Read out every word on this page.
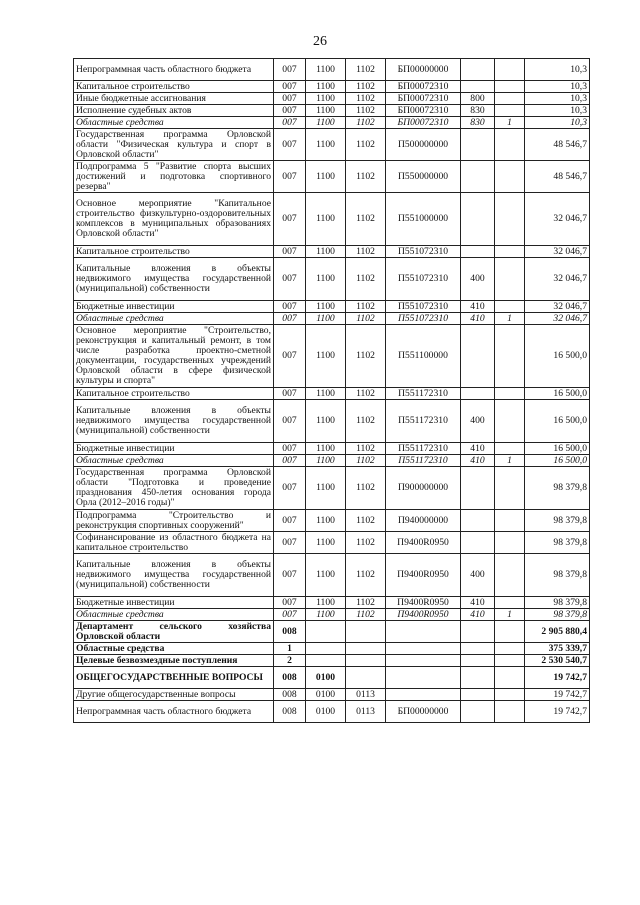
26
Непрограммная часть областного бюджета	007	1100	1102	БП00000000			10,3
Капитальное строительство	007	1100	1102	БП00072310			10,3
Иные бюджетные ассигнования	007	1100	1102	БП00072310	800		10,3
Исполнение судебных актов	007	1100	1102	БП00072310	830		10,3
Областные средства	007	1100	1102	БП00072310	830	1	10,3
Государственная программа Орловской области "Физическая культура и спорт в Орловской области"	007	1100	1102	П500000000			48 546,7
Подпрограмма 5 "Развитие спорта высших достижений и подготовка спортивного резерва"	007	1100	1102	П550000000			48 546,7
Основное мероприятие "Капитальное строительство физкультурно-оздоровительных комплексов в муниципальных образованиях Орловской области"	007	1100	1102	П551000000			32 046,7
Капитальное строительство	007	1100	1102	П551072310			32 046,7
Капитальные вложения в объекты недвижимого имущества государственной (муниципальной) собственности	007	1100	1102	П551072310	400		32 046,7
Бюджетные инвестиции	007	1100	1102	П551072310	410		32 046,7
Областные средства	007	1100	1102	П551072310	410	1	32 046,7
Основное мероприятие "Строительство, реконструкция и капитальный ремонт, в том числе разработка проектно-сметной документации, государственных учреждений Орловской области в сфере физической культуры и спорта"	007	1100	1102	П551100000			16 500,0
Капитальное строительство	007	1100	1102	П551172310			16 500,0
Капитальные вложения в объекты недвижимого имущества государственной (муниципальной) собственности	007	1100	1102	П551172310	400		16 500,0
Бюджетные инвестиции	007	1100	1102	П551172310	410		16 500,0
Областные средства	007	1100	1102	П551172310	410	1	16 500,0
Государственная программа Орловской области "Подготовка и проведение празднования 450-летия основания города Орла (2012–2016 годы)"	007	1100	1102	П900000000			98 379,8
Подпрограмма "Строительство и реконструкция спортивных сооружений"	007	1100	1102	П940000000			98 379,8
Софинансирование из областного бюджета на капитальное строительство	007	1100	1102	П9400R0950			98 379,8
Капитальные вложения в объекты недвижимого имущества государственной (муниципальной) собственности	007	1100	1102	П9400R0950	400		98 379,8
Бюджетные инвестиции	007	1100	1102	П9400R0950	410		98 379,8
Областные средства	007	1100	1102	П9400R0950	410	1	98 379,8
Департамент сельского хозяйства Орловской области	008						2 905 880,4
Областные средства	1						375 339,7
Целевые безвозмездные поступления	2						2 530 540,7
ОБЩЕГОСУДАРСТВЕННЫЕ ВОПРОСЫ	008	0100					19 742,7
Другие общегосударственные вопросы	008	0100	0113				19 742,7
Непрограммная часть областного бюджета	008	0100	0113	БП00000000			19 742,7
